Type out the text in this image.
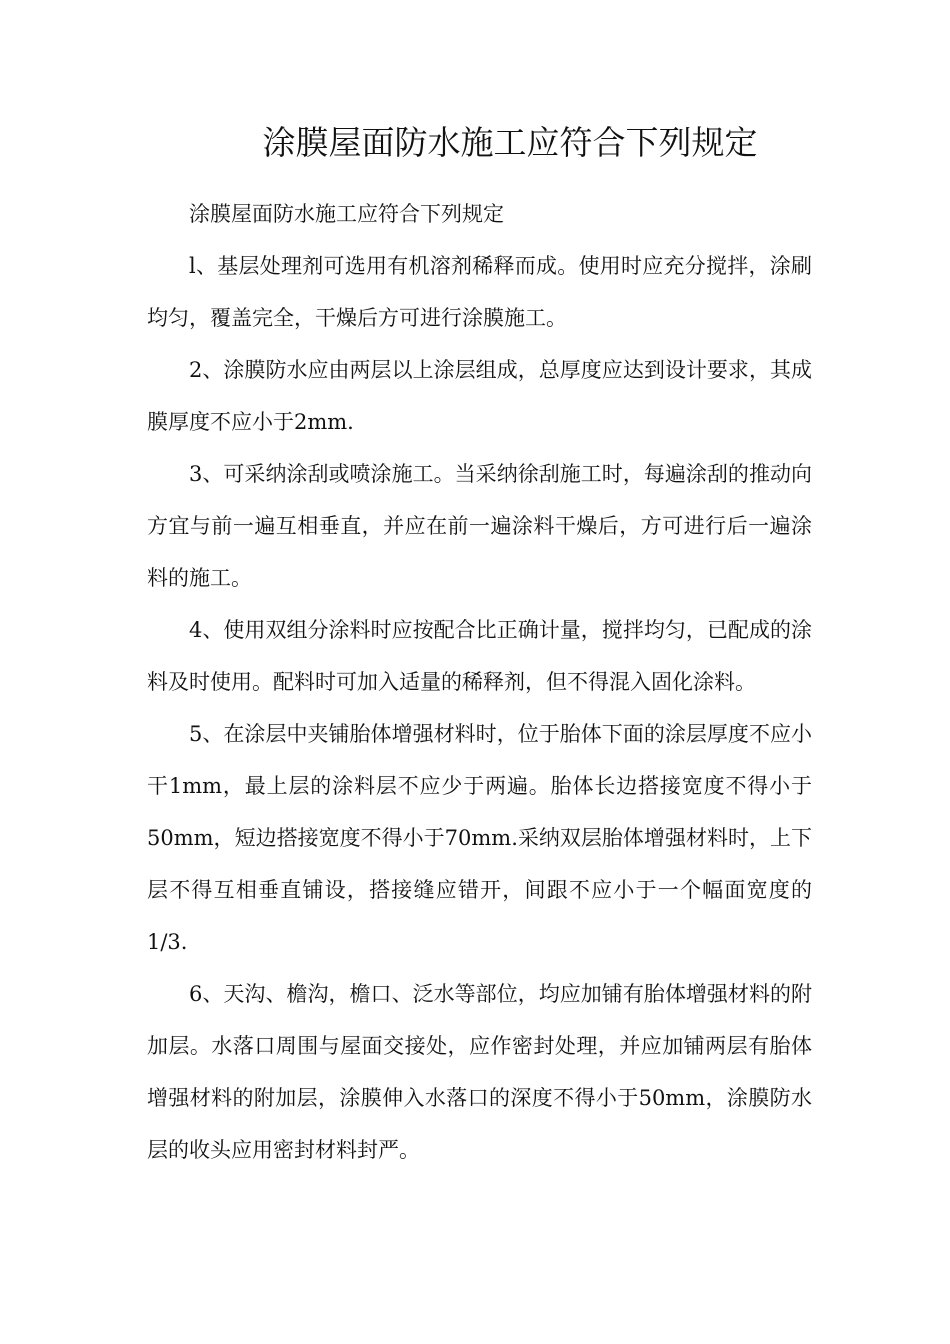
涂膜屋面防水施工应符合下列规定

涂膜屋面防水施工应符合下列规定

l、基层处理剂可选用有机溶剂稀释而成。使用时应充分搅拌，涂刷均匀，覆盖完全，干燥后方可进行涂膜施工。

2、涂膜防水应由两层以上涂层组成，总厚度应达到设计要求，其成膜厚度不应小于2mm.

3、可采纳涂刮或喷涂施工。当采纳徐刮施工时，每遍涂刮的推动向方宜与前一遍互相垂直，并应在前一遍涂料干燥后，方可进行后一遍涂料的施工。

4、使用双组分涂料时应按配合比正确计量，搅拌均匀，已配成的涂料及时使用。配料时可加入适量的稀释剂，但不得混入固化涂料。

5、在涂层中夹铺胎体增强材料时，位于胎体下面的涂层厚度不应小干1mm，最上层的涂料层不应少于两遍。胎体长边搭接宽度不得小于50mm，短边搭接宽度不得小于70mm.采纳双层胎体增强材料时，上下层不得互相垂直铺设，搭接缝应错开，间跟不应小于一个幅面宽度的1/3.

6、天沟、檐沟，檐口、泛水等部位，均应加铺有胎体增强材料的附加层。水落口周围与屋面交接处，应作密封处理，并应加铺两层有胎体增强材料的附加层，涂膜伸入水落口的深度不得小于50mm，涂膜防水层的收头应用密封材料封严。
